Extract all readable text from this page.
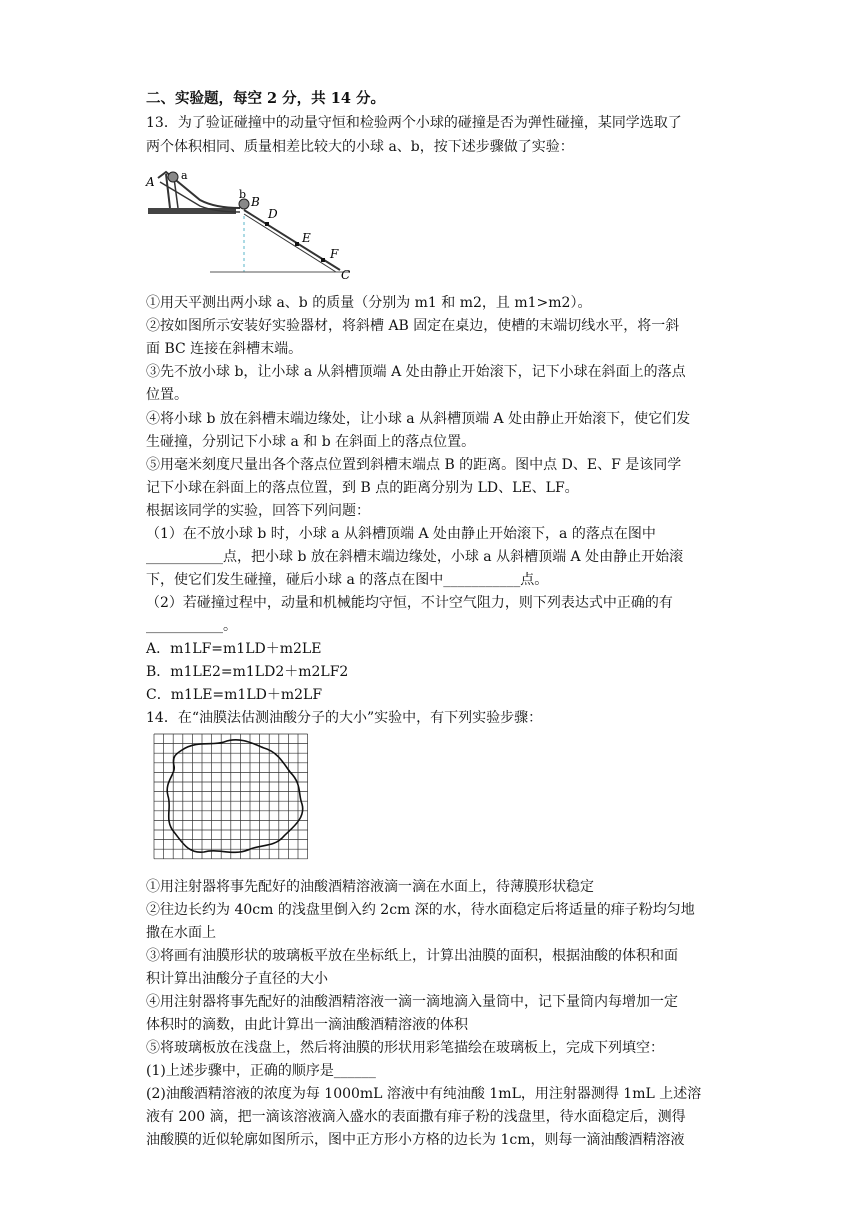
二、实验题，每空 2 分，共 14 分。
13．为了验证碰撞中的动量守恒和检验两个小球的碰撞是否为弹性碰撞，某同学选取了
两个体积相同、质量相差比较大的小球 a、b，按下述步骤做了实验：
A a
b
B
D
E
F
C
①用天平测出两小球 a、b 的质量（分别为 m1 和 m2，且 m1>m2）。
②按如图所示安装好实验器材，将斜槽 AB 固定在桌边，使槽的末端切线水平，将一斜
面 BC 连接在斜槽末端。
③先不放小球 b，让小球 a 从斜槽顶端 A 处由静止开始滚下，记下小球在斜面上的落点
位置。
④将小球 b 放在斜槽末端边缘处，让小球 a 从斜槽顶端 A 处由静止开始滚下，使它们发
生碰撞，分别记下小球 a 和 b 在斜面上的落点位置。
⑤用毫米刻度尺量出各个落点位置到斜槽末端点 B 的距离。图中点 D、E、F 是该同学
记下小球在斜面上的落点位置，到 B 点的距离分别为 LD、LE、LF。
根据该同学的实验，回答下列问题：
（1）在不放小球 b 时，小球 a 从斜槽顶端 A 处由静止开始滚下，a 的落点在图中
___________点，把小球 b 放在斜槽末端边缘处，小球 a 从斜槽顶端 A 处由静止开始滚
下，使它们发生碰撞，碰后小球 a 的落点在图中___________点。
（2）若碰撞过程中，动量和机械能均守恒，不计空气阻力，则下列表达式中正确的有
___________。
A．m1LF=m1LD＋m2LE
B．m1LE2=m1LD2＋m2LF2
C．m1LE=m1LD＋m2LF
14．在“油膜法估测油酸分子的大小”实验中，有下列实验步骤：
①用注射器将事先配好的油酸酒精溶液滴一滴在水面上，待薄膜形状稳定
②往边长约为 40cm 的浅盘里倒入约 2cm 深的水，待水面稳定后将适量的痱子粉均匀地
撒在水面上
③将画有油膜形状的玻璃板平放在坐标纸上，计算出油膜的面积，根据油酸的体积和面
积计算出油酸分子直径的大小
④用注射器将事先配好的油酸酒精溶液一滴一滴地滴入量筒中，记下量筒内每增加一定
体积时的滴数，由此计算出一滴油酸酒精溶液的体积
⑤将玻璃板放在浅盘上，然后将油膜的形状用彩笔描绘在玻璃板上，完成下列填空：
(1)上述步骤中，正确的顺序是______
(2)油酸酒精溶液的浓度为每 1000mL 溶液中有纯油酸 1mL，用注射器测得 1mL 上述溶
液有 200 滴，把一滴该溶液滴入盛水的表面撒有痱子粉的浅盘里，待水面稳定后，测得
油酸膜的近似轮廓如图所示，图中正方形小方格的边长为 1cm，则每一滴油酸酒精溶液
